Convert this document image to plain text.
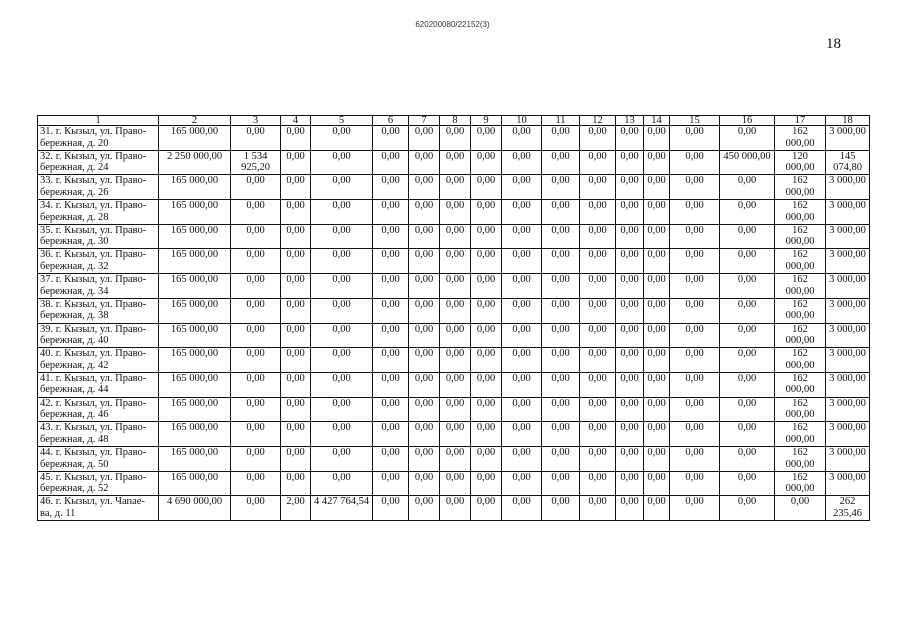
620200080/22152(3)
18
1	2	3	4	5	6	7	8	9	10	11	12	13	14	15	16	17	18

31. г. Кызыл, ул. Право-
бережная, д. 20	165 000,00	0,00	0,00	0,00	0,00	0,00	0,00	0,00	0,00	0,00	0,00	0,00	0,00	0,00	0,00	162 000,00	3 000,00

32. г. Кызыл, ул. Право-
бережная, д. 24	2 250 000,00	1 534 925,20	0,00	0,00	0,00	0,00	0,00	0,00	0,00	0,00	0,00	0,00	0,00	0,00	450 000,00	120 000,00	145 074,80

33. г. Кызыл, ул. Право-
бережная, д. 26	165 000,00	0,00	0,00	0,00	0,00	0,00	0,00	0,00	0,00	0,00	0,00	0,00	0,00	0,00	0,00	162 000,00	3 000,00

34. г. Кызыл, ул. Право-
бережная, д. 28	165 000,00	0,00	0,00	0,00	0,00	0,00	0,00	0,00	0,00	0,00	0,00	0,00	0,00	0,00	0,00	162 000,00	3 000,00

35. г. Кызыл, ул. Право-
бережная, д. 30	165 000,00	0,00	0,00	0,00	0,00	0,00	0,00	0,00	0,00	0,00	0,00	0,00	0,00	0,00	0,00	162 000,00	3 000,00

36. г. Кызыл, ул. Право-
бережная, д. 32	165 000,00	0,00	0,00	0,00	0,00	0,00	0,00	0,00	0,00	0,00	0,00	0,00	0,00	0,00	0,00	162 000,00	3 000,00

37. г. Кызыл, ул. Право-
бережная, д. 34	165 000,00	0,00	0,00	0,00	0,00	0,00	0,00	0,00	0,00	0,00	0,00	0,00	0,00	0,00	0,00	162 000,00	3 000,00

38. г. Кызыл, ул. Право-
бережная, д. 38	165 000,00	0,00	0,00	0,00	0,00	0,00	0,00	0,00	0,00	0,00	0,00	0,00	0,00	0,00	0,00	162 000,00	3 000,00

39. г. Кызыл, ул. Право-
бережная, д. 40	165 000,00	0,00	0,00	0,00	0,00	0,00	0,00	0,00	0,00	0,00	0,00	0,00	0,00	0,00	0,00	162 000,00	3 000,00

40. г. Кызыл, ул. Право-
бережная, д. 42	165 000,00	0,00	0,00	0,00	0,00	0,00	0,00	0,00	0,00	0,00	0,00	0,00	0,00	0,00	0,00	162 000,00	3 000,00

41. г. Кызыл, ул. Право-
бережная, д. 44	165 000,00	0,00	0,00	0,00	0,00	0,00	0,00	0,00	0,00	0,00	0,00	0,00	0,00	0,00	0,00	162 000,00	3 000,00

42. г. Кызыл, ул. Право-
бережная, д. 46	165 000,00	0,00	0,00	0,00	0,00	0,00	0,00	0,00	0,00	0,00	0,00	0,00	0,00	0,00	0,00	162 000,00	3 000,00

43. г. Кызыл, ул. Право-
бережная, д. 48	165 000,00	0,00	0,00	0,00	0,00	0,00	0,00	0,00	0,00	0,00	0,00	0,00	0,00	0,00	0,00	162 000,00	3 000,00

44. г. Кызыл, ул. Право-
бережная, д. 50	165 000,00	0,00	0,00	0,00	0,00	0,00	0,00	0,00	0,00	0,00	0,00	0,00	0,00	0,00	0,00	162 000,00	3 000,00

45. г. Кызыл, ул. Право-
бережная, д. 52	165 000,00	0,00	0,00	0,00	0,00	0,00	0,00	0,00	0,00	0,00	0,00	0,00	0,00	0,00	0,00	162 000,00	3 000,00

46. г. Кызыл, ул. Чапае-
ва, д. 11	4 690 000,00	0,00	2,00	4 427 764,54	0,00	0,00	0,00	0,00	0,00	0,00	0,00	0,00	0,00	0,00	0,00	0,00	262 235,46
